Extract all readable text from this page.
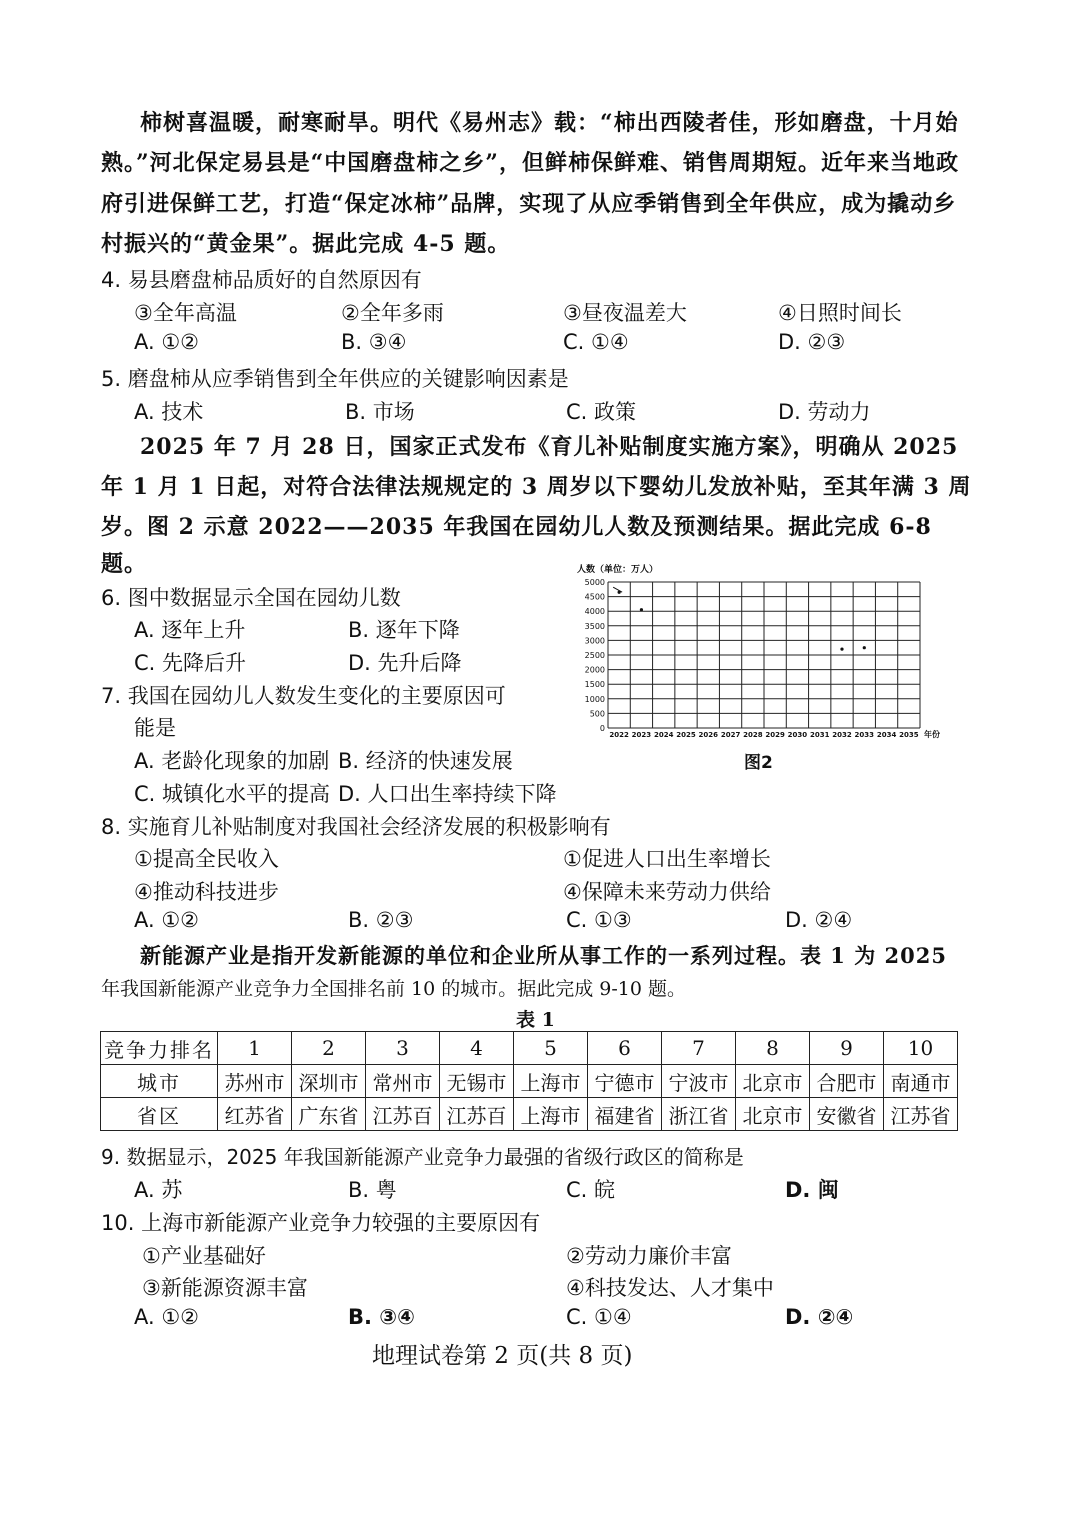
柿树喜温暖，耐寒耐旱。明代《易州志》载：“柿出西陵者佳，形如磨盘，十月始
熟。”河北保定易县是“中国磨盘柿之乡”，但鲜柿保鲜难、销售周期短。近年来当地政
府引进保鲜工艺，打造“保定冰柿”品牌，实现了从应季销售到全年供应，成为撬动乡
村振兴的“黄金果”。据此完成 4-5 题。
4. 易县磨盘柿品质好的自然原因有
③全年高温	②全年多雨	③昼夜温差大	④日照时间长
A. ①②	B. ③④	C. ①④	D. ②③
5. 磨盘柿从应季销售到全年供应的关键影响因素是
A. 技术	B. 市场	C. 政策	D. 劳动力
2025 年 7 月 28 日，国家正式发布《育儿补贴制度实施方案》，明确从 2025
年 1 月 1 日起，对符合法律法规规定的 3 周岁以下婴幼儿发放补贴，至其年满 3 周
岁。图 2 示意 2022——2035 年我国在园幼儿人数及预测结果。据此完成 6-8
题。
6. 图中数据显示全国在园幼儿数
A. 逐年上升	B. 逐年下降
C. 先降后升	D. 先升后降
7. 我国在园幼儿人数发生变化的主要原因可
能是
A. 老龄化现象的加剧 B. 经济的快速发展
C. 城镇化水平的提高 D. 人口出生率持续下降
人数（单位：万人）
0
500
1000
1500
2000
2500
3000
3500
4000
4500
5000
2022 2023 2024 2025 2026 2027 2028 2029 2030 2031 2032 2033 2034 2035 年份
图2
8. 实施育儿补贴制度对我国社会经济发展的积极影响有
①提高全民收入	①促进人口出生率增长
④推动科技进步	④保障未来劳动力供给
A. ①②	B. ②③	C. ①③	D. ②④
新能源产业是指开发新能源的单位和企业所从事工作的一系列过程。表 1 为 2025
年我国新能源产业竞争力全国排名前 10 的城市。据此完成 9-10 题。
表 1
竞争力排名	1	2	3	4	5	6	7	8	9	10
城市	苏州市	深圳市	常州市	无锡市	上海市	宁德市	宁波市	北京市	合肥市	南通市
省区	红苏省	广东省	江苏百	江苏百	上海市	福建省	浙江省	北京市	安徽省	江苏省
9. 数据显示，2025 年我国新能源产业竞争力最强的省级行政区的简称是
A. 苏	B. 粤	C. 皖	D. 闽
10. 上海市新能源产业竞争力较强的主要原因有
①产业基础好	②劳动力廉价丰富
③新能源资源丰富	④科技发达、人才集中
A. ①②	B. ③④	C. ①④	D. ②④
地理试卷第 2 页(共 8 页)
